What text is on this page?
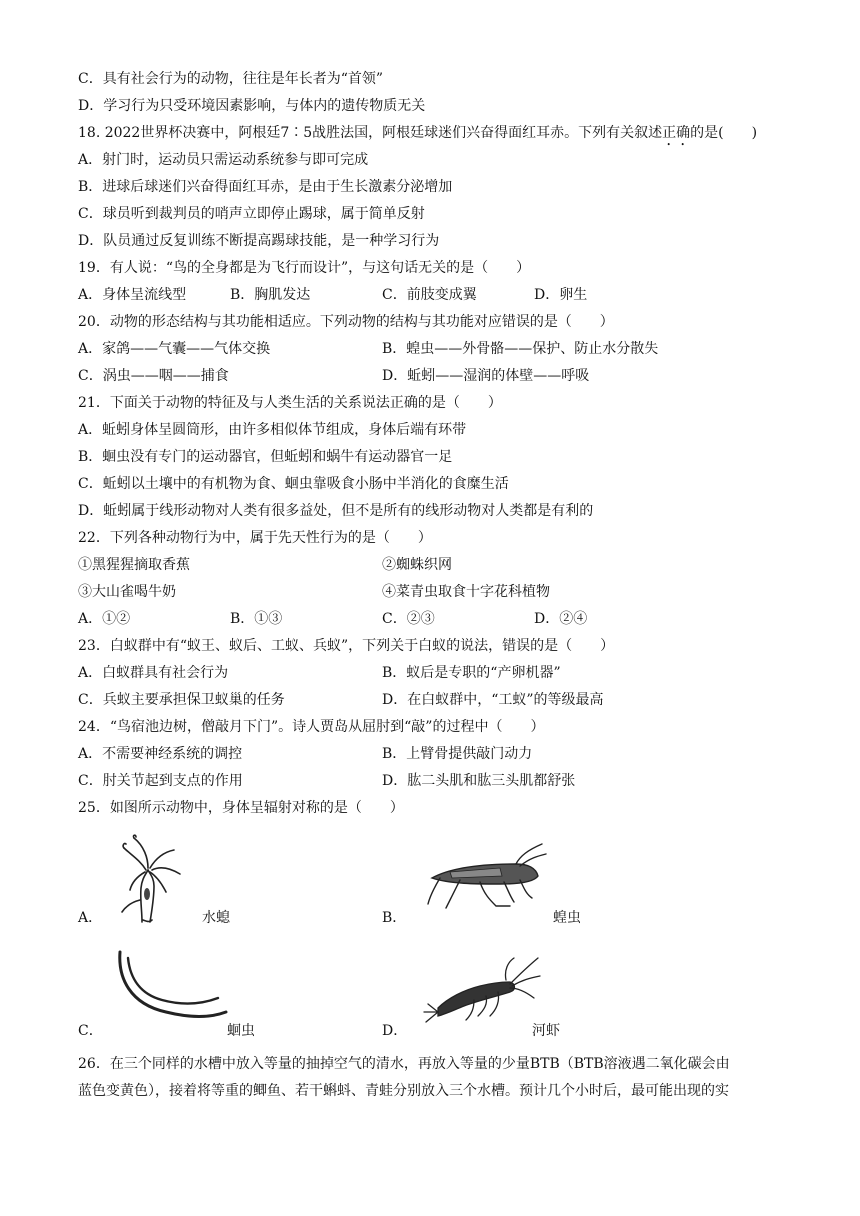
C．具有社会行为的动物，往往是年长者为“首领”
D．学习行为只受环境因素影响，与体内的遗传物质无关
18. 2022世界杯决赛中，阿根廷7∶5战胜法国，阿根廷球迷们兴奋得面红耳赤。下列有关叙述正确的是(　　)
A．射门时，运动员只需运动系统参与即可完成
B．进球后球迷们兴奋得面红耳赤，是由于生长激素分泌增加
C．球员听到裁判员的哨声立即停止踢球，属于简单反射
D．队员通过反复训练不断提高踢球技能，是一种学习行为
19．有人说：“鸟的全身都是为飞行而设计”，与这句话无关的是（　　）
A．身体呈流线型	B．胸肌发达	C．前肢变成翼	D．卵生
20．动物的形态结构与其功能相适应。下列动物的结构与其功能对应错误的是（　　）
A．家鸽——气囊——气体交换	B．蝗虫——外骨骼——保护、防止水分散失
C．涡虫——咽——捕食	D．蚯蚓——湿润的体壁——呼吸
21．下面关于动物的特征及与人类生活的关系说法正确的是（　　）
A．蚯蚓身体呈圆筒形，由许多相似体节组成，身体后端有环带
B．蛔虫没有专门的运动器官，但蚯蚓和蜗牛有运动器官一足
C．蚯蚓以土壤中的有机物为食、蛔虫靠吸食小肠中半消化的食糜生活
D．蚯蚓属于线形动物对人类有很多益处，但不是所有的线形动物对人类都是有利的
22．下列各种动物行为中，属于先天性行为的是（　　）
①黑猩猩摘取香蕉	②蜘蛛织网
③大山雀喝牛奶	④菜青虫取食十字花科植物
A．①②	B．①③	C．②③	D．②④
23．白蚁群中有“蚁王、蚁后、工蚁、兵蚁”，下列关于白蚁的说法，错误的是（　　）
A．白蚁群具有社会行为	B．蚁后是专职的“产卵机器”
C．兵蚁主要承担保卫蚁巢的任务	D．在白蚁群中，“工蚁”的等级最高
24．“鸟宿池边树，僧敲月下门”。诗人贾岛从屈肘到“敲”的过程中（　　）
A．不需要神经系统的调控	B．上臂骨提供敲门动力
C．肘关节起到支点的作用	D．肱二头肌和肱三头肌都舒张
25．如图所示动物中，身体呈辐射对称的是（　　）
A．	水螅	B．	蝗虫
C．	蛔虫	D．	河虾
26．在三个同样的水槽中放入等量的抽掉空气的清水，再放入等量的少量BTB（BTB溶液遇二氧化碳会由
蓝色变黄色），接着将等重的鲫鱼、若干蝌蚪、青蛙分别放入三个水槽。预计几个小时后，最可能出现的实
